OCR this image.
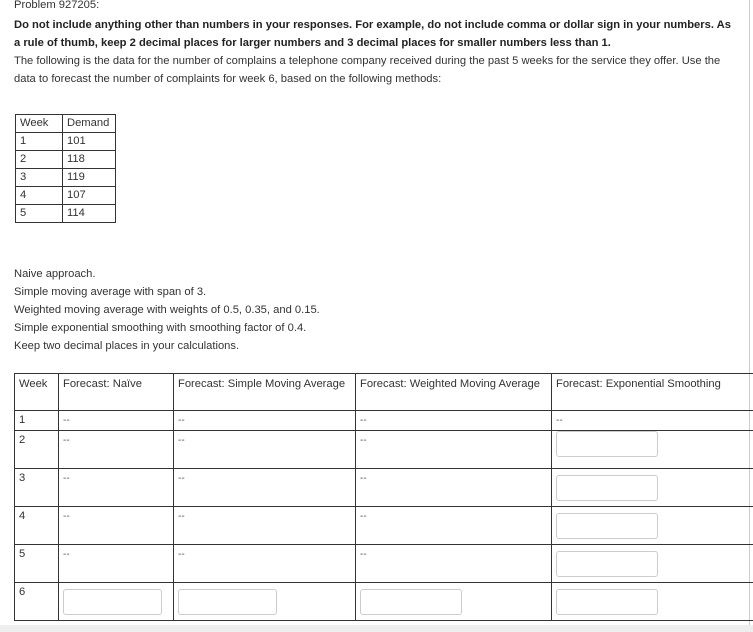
Problem 927205:
Do not include anything other than numbers in your responses. For example, do not include comma or dollar sign in your numbers. As a rule of thumb, keep 2 decimal places for larger numbers and 3 decimal places for smaller numbers less than 1.
The following is the data for the number of complains a telephone company received during the past 5 weeks for the service they offer. Use the data to forecast the number of complaints for week 6, based on the following methods:
Week	Demand
1	101
2	118
3	119
4	107
5	114
Naive approach.
Simple moving average with span of 3.
Weighted moving average with weights of 0.5, 0.35, and 0.15.
Simple exponential smoothing with smoothing factor of 0.4.
Keep two decimal places in your calculations.
Week	Forecast: Naïve	Forecast: Simple Moving Average	Forecast: Weighted Moving Average	Forecast: Exponential Smoothing
1	--	--	--	--
2	--	--	--	

3	--	--	--	

4	--	--	--	

5	--	--	--	

6	
